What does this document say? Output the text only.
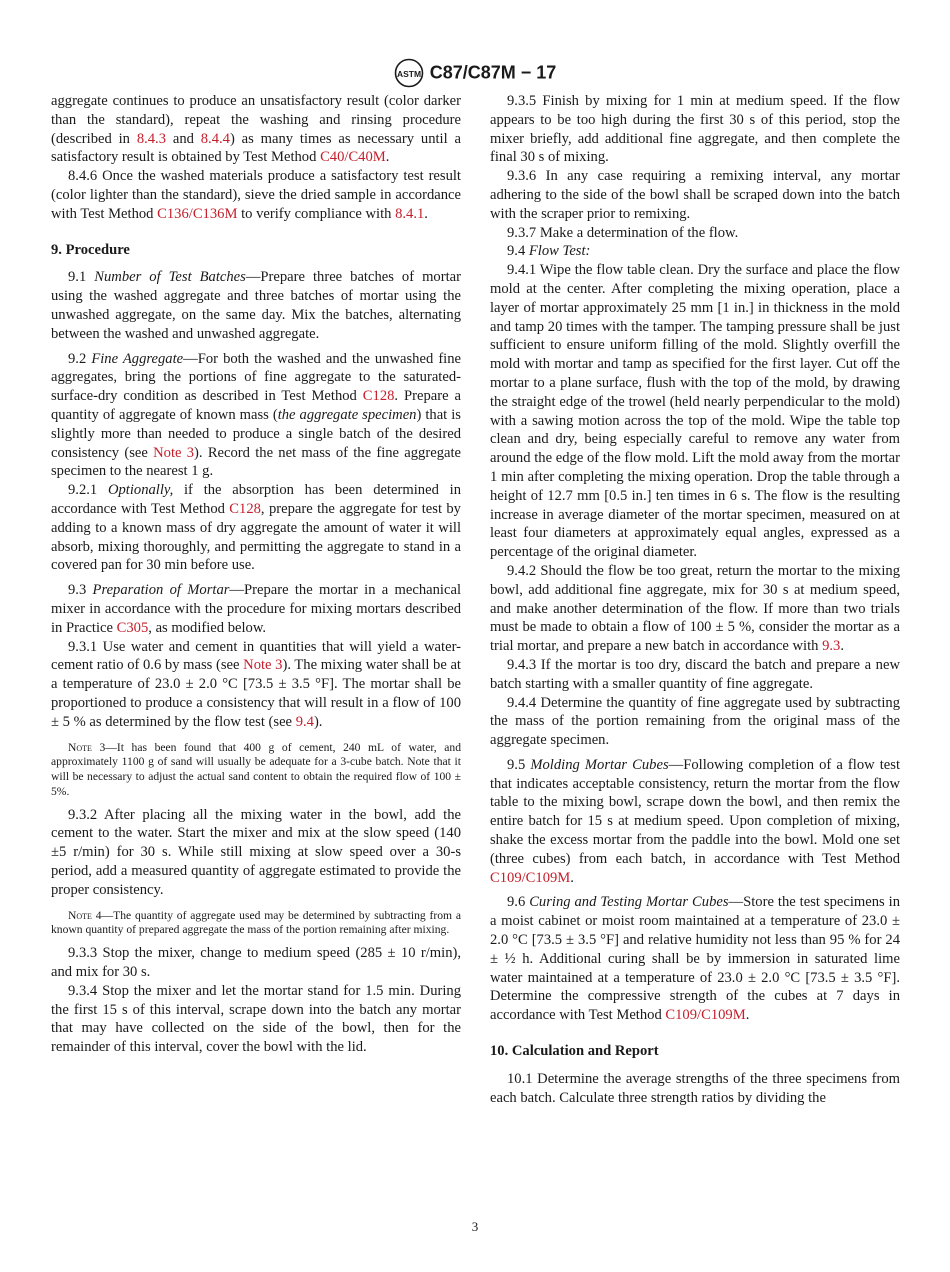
ASTM C87/C87M − 17

aggregate continues to produce an unsatisfactory result (color darker than the standard), repeat the washing and rinsing procedure (described in 8.4.3 and 8.4.4) as many times as necessary until a satisfactory result is obtained by Test Method C40/C40M.

8.4.6 Once the washed materials produce a satisfactory test result (color lighter than the standard), sieve the dried sample in accordance with Test Method C136/C136M to verify compliance with 8.4.1.

9. Procedure

9.1 Number of Test Batches—Prepare three batches of mortar using the washed aggregate and three batches of mortar using the unwashed aggregate, on the same day. Mix the batches, alternating between the washed and unwashed aggregate.

9.2 Fine Aggregate—For both the washed and the unwashed fine aggregates, bring the portions of fine aggregate to the saturated-surface-dry condition as described in Test Method C128. Prepare a quantity of aggregate of known mass (the aggregate specimen) that is slightly more than needed to produce a single batch of the desired consistency (see Note 3). Record the net mass of the fine aggregate specimen to the nearest 1 g.

9.2.1 Optionally, if the absorption has been determined in accordance with Test Method C128, prepare the aggregate for test by adding to a known mass of dry aggregate the amount of water it will absorb, mixing thoroughly, and permitting the aggregate to stand in a covered pan for 30 min before use.

9.3 Preparation of Mortar—Prepare the mortar in a mechanical mixer in accordance with the procedure for mixing mortars described in Practice C305, as modified below.

9.3.1 Use water and cement in quantities that will yield a water-cement ratio of 0.6 by mass (see Note 3). The mixing water shall be at a temperature of 23.0 ± 2.0 °C [73.5 ± 3.5 °F]. The mortar shall be proportioned to produce a consistency that will result in a flow of 100 ± 5 % as determined by the flow test (see 9.4).

Note 3—It has been found that 400 g of cement, 240 mL of water, and approximately 1100 g of sand will usually be adequate for a 3-cube batch. Note that it will be necessary to adjust the actual sand content to obtain the required flow of 100 ± 5%.

9.3.2 After placing all the mixing water in the bowl, add the cement to the water. Start the mixer and mix at the slow speed (140 ±5 r/min) for 30 s. While still mixing at slow speed over a 30-s period, add a measured quantity of aggregate estimated to provide the proper consistency.

Note 4—The quantity of aggregate used may be determined by subtracting from a known quantity of prepared aggregate the mass of the portion remaining after mixing.

9.3.3 Stop the mixer, change to medium speed (285 ± 10 r/min), and mix for 30 s.

9.3.4 Stop the mixer and let the mortar stand for 1.5 min. During the first 15 s of this interval, scrape down into the batch any mortar that may have collected on the side of the bowl, then for the remainder of this interval, cover the bowl with the lid.

9.3.5 Finish by mixing for 1 min at medium speed. If the flow appears to be too high during the first 30 s of this period, stop the mixer briefly, add additional fine aggregate, and then complete the final 30 s of mixing.

9.3.6 In any case requiring a remixing interval, any mortar adhering to the side of the bowl shall be scraped down into the batch with the scraper prior to remixing.

9.3.7 Make a determination of the flow.

9.4 Flow Test:

9.4.1 Wipe the flow table clean. Dry the surface and place the flow mold at the center. After completing the mixing operation, place a layer of mortar approximately 25 mm [1 in.] in thickness in the mold and tamp 20 times with the tamper. The tamping pressure shall be just sufficient to ensure uniform filling of the mold. Slightly overfill the mold with mortar and tamp as specified for the first layer. Cut off the mortar to a plane surface, flush with the top of the mold, by drawing the straight edge of the trowel (held nearly perpendicular to the mold) with a sawing motion across the top of the mold. Wipe the table top clean and dry, being especially careful to remove any water from around the edge of the flow mold. Lift the mold away from the mortar 1 min after completing the mixing operation. Drop the table through a height of 12.7 mm [0.5 in.] ten times in 6 s. The flow is the resulting increase in average diameter of the mortar specimen, measured on at least four diameters at approximately equal angles, expressed as a percentage of the original diameter.

9.4.2 Should the flow be too great, return the mortar to the mixing bowl, add additional fine aggregate, mix for 30 s at medium speed, and make another determination of the flow. If more than two trials must be made to obtain a flow of 100 ± 5 %, consider the mortar as a trial mortar, and prepare a new batch in accordance with 9.3.

9.4.3 If the mortar is too dry, discard the batch and prepare a new batch starting with a smaller quantity of fine aggregate.

9.4.4 Determine the quantity of fine aggregate used by subtracting the mass of the portion remaining from the original mass of the aggregate specimen.

9.5 Molding Mortar Cubes—Following completion of a flow test that indicates acceptable consistency, return the mortar from the flow table to the mixing bowl, scrape down the bowl, and then remix the entire batch for 15 s at medium speed. Upon completion of mixing, shake the excess mortar from the paddle into the bowl. Mold one set (three cubes) from each batch, in accordance with Test Method C109/C109M.

9.6 Curing and Testing Mortar Cubes—Store the test specimens in a moist cabinet or moist room maintained at a temperature of 23.0 ± 2.0 °C [73.5 ± 3.5 °F] and relative humidity not less than 95 % for 24 ± ½ h. Additional curing shall be by immersion in saturated lime water maintained at a temperature of 23.0 ± 2.0 °C [73.5 ± 3.5 °F]. Determine the compressive strength of the cubes at 7 days in accordance with Test Method C109/C109M.

10. Calculation and Report

10.1 Determine the average strengths of the three specimens from each batch. Calculate three strength ratios by dividing the

3
